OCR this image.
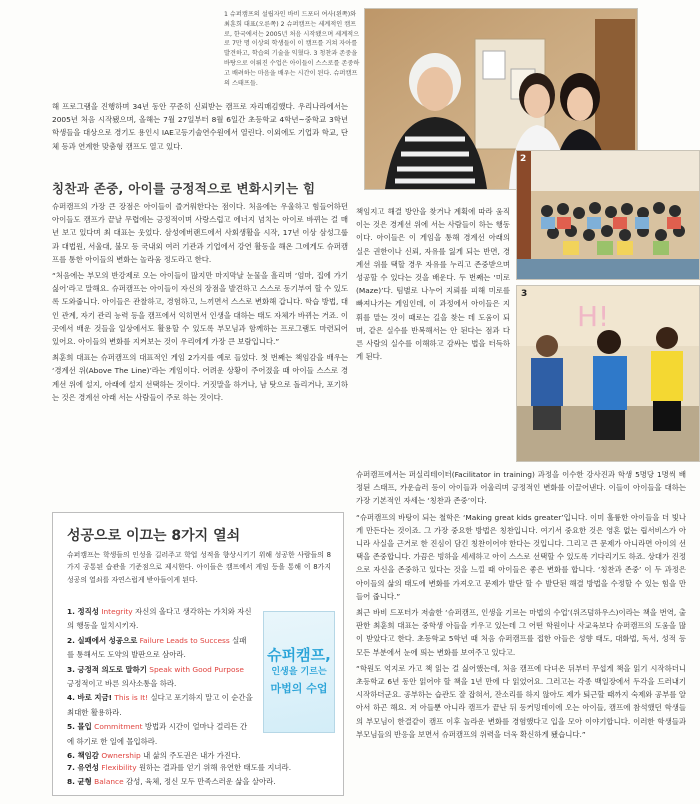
1 슈퍼캠프의 설립자인 바비 드포터 여사(왼쪽)와 최훈희 대표(오른쪽) 2 슈퍼캠프는 세계적인 캠프로, 한국에서는 2005년 처음 시작됐으며 세계적으로 7만 명 이상의 학생들이 이 캠프를 거쳐 자아를 발견하고, 학습의 기술을 익혔다. 3 청찬과 존중을 바탕으로 이뤄진 수업은 아이들이 스스로를 존중하고 배려하는 마음을 배우는 시간이 된다. 슈퍼캠프의 스태프들.

해 프로그램을 진행하며 34년 동안 꾸준히 신뢰받는 캠프로 자리매김했다. 우리나라에서는 2005년 처음 시작됐으며, 올해는 7월 27일부터 8월 6일간 초등학교 4학년~중학교 3학년 학생들을 대상으로 경기도 용인시 IAE고등기술연수원에서 열린다. 이외에도 기업과 학교, 단체 등과 연계한 맞춤형 캠프도 열고 있다.

칭찬과 존중, 아이를 긍정적으로 변화시키는 힘

슈퍼캠프의 가장 큰 장점은 아이들이 즐거워한다는 점이다. 처음에는 우울하고 힘들어하던 아이들도 캠프가 끝날 무렵에는 긍정적이며 사랑스럽고 에너지 넘치는 아이로 바뀌는 걸 매년 보고 있다며 최 대표는 웃었다. 삼성에버랜드에서 사회생활을 시작, 17년 이상 삼성그룹과 대법원, 서울대, 불모 등 국내외 여러 기관과 기업에서 강연 활동을 해온 그에게도 슈퍼캠프를 통한 아이들의 변화는 놀라움 정도라고 한다.

“처음에는 부모의 반강제로 오는 아이들이 많지만 마지막날 눈물을 흘리며 ‘엄마, 집에 가기 싫어’라고 말해요. 슈퍼캠프는 아이들이 자신의 장점을 발견하고 스스로 동기부여 할 수 있도록 도와줍니다. 아이들은 관찰하고, 경험하고, 느끼면서 스스로 변화해 갑니다. 학습 방법, 대인 관계, 자기 관리 능력 등을 캠프에서 익히면서 인생을 대하는 태도 자체가 바뀌는 거죠. 이곳에서 배운 것들을 일상에서도 활용할 수 있도록 부모님과 함께하는 프로그램도 마련되어 있어요. 아이들의 변화를 지켜보는 것이 우리에게 가장 큰 보람입니다.”

최훈희 대표는 슈퍼캠프의 대표적인 게임 2가지를 예로 들었다. 첫 번째는 책임감을 배우는 ‘경계선 위(Above The Line)’라는 게임이다. 어려운 상황이 주어졌을 때 아이들 스스로 경계선 위에 설지, 아래에 설지 선택하는 것이다. 거짓말을 하거나, 남 탓으로 돌리거나, 포기하는 것은 경계선 아래 서는 사람들이 주로 하는 것이다.

2
H!
3

책임지고 해결 방안을 찾거나 계획에 따라 움직이는 것은 경계선 위에 서는 사람들이 하는 행동이다. 아이들은 이 게임을 통해 경계선 아래의 실은 권한이나 신뢰, 자유를 잃게 되는 반면, 경계선 위를 택할 경우 자유를 누리고 존중받으며 성공할 수 있다는 것을 배운다. 두 번째는 ‘미로(Maze)’다. 팀별로 나누어 지뢰를 피해 미로를 빠져나가는 게임인데, 이 과정에서 아이들은 지휘를 맡는 것이 때로는 길을 찾는 데 도움이 되며, 같은 실수를 반복해서는 안 된다는 점과 다른 사람의 실수를 이해하고 감싸는 법을 터득하게 된다.

슈퍼캠프에서는 퍼실리테이터(Facilitator in training) 과정을 이수한 강사진과 학생 5명당 1명씩 배정된 스태프, 카운슬러 등이 아이들과 어울리며 긍정적인 변화를 이끌어낸다. 이들이 아이들을 대하는 가장 기본적인 자세는 ‘칭찬과 존중’이다.

“슈퍼캠프의 바탕이 되는 철학은 ‘Making great kids greater’입니다. 이미 훌륭한 아이들을 더 빛나게 만든다는 것이죠. 그 가장 중요한 방법은 칭찬입니다. 여기서 중요한 것은 영혼 없는 립서비스가 아니라 사실을 근거로 한 진심이 담긴 칭찬이어야 한다는 것입니다. 그리고 큰 문제가 아니라면 아이의 선택을 존중합니다. 가끔은 빙하을 세세하고 아이 스스로 선택할 수 있도록 기다리기도 하죠. 상대가 진정으로 자신을 존중하고 있다는 것을 느낄 때 아이들은 좋은 변화를 합니다. ‘칭찬과 존중’ 이 두 과정은 아이들의 삶의 태도에 변화를 가져오고 문제가 발단 할 수 발단된 해결 방법을 수정할 수 있는 힘을 만들어 줍니다.”

최근 바비 드포터가 저술한 ‘슈퍼캠프, 인생을 기르는 마법의 수업’(위즈덤하우스)이라는 책을 번역, 출판한 최훈희 대표는 중학생 아들을 키우고 있는데 그 어떤 학원이나 사교육보다 슈퍼캠프의 도움을 많이 받았다고 한다. 초등학교 5학년 때 처음 슈퍼캠프를 접한 아들은 성향 태도, 대화법, 독서, 성적 등 모든 부분에서 눈에 띄는 변화를 보여주고 있다고.

“학원도 억지로 가고 책 읽는 걸 싫어했는데, 처음 캠프에 다녀온 뒤부터 무섭게 책을 읽기 시작하더니 초등학교 6년 동안 읽어야 할 책을 1년 만에 다 읽었어요. 그러고는 각종 백일장에서 두각을 드러내기 시작하더군요. 공부하는 습관도 잘 잡혀서, 잔소리를 하지 않아도 제가 퇴근할 때까지 숙제와 공부를 알아서 하곤 해요. 저 아들뿐 아니라 캠프가 끝난 뒤 동커밍데이에 오는 아이들, 캠프에 참석했던 학생들의 부모님이 한결같이 캠프 이후 놀라운 변화를 경험했다고 입을 모아 이야기합니다. 이러한 학생들과 부모님들의 반응을 보면서 슈퍼캠프의 위력을 더욱 확신하게 됐습니다.”

성공으로 이끄는 8가지 열쇠

슈퍼캠프는 학생들의 인성을 길러주고 학업 성적을 향상시키기 위해 성공한 사람들의 8가지 공통된 습관을 기준점으로 제시한다. 아이들은 캠프에서 게임 등을 통해 이 8가지 성공의 열쇠를 자연스럽게 받아들이게 된다.

1. 정직성 Integrity 자신의 올다고 생각하는 가치와 자신의 행동을 일치시키자.
2. 실패에서 성공으로 Failure Leads to Success 실패를 통해서도 도약의 발판으로 삼아라.
3. 긍정적 의도로 말하기 Speak with Good Purpose 긍정적이고 바른 의사소통을 하라.
4. 바로 지금! This is It! 실다고 포기하지 말고 이 순간을 최대한 활용하라.
5. 몰입 Commitment 방법과 시간이 얼마나 걸리든 간에 하기로 한 일에 몰입하라.
6. 책임감 Ownership 내 삶의 주도권은 내가 가진다.
7. 유연성 Flexibility 원하는 결과를 얻기 위해 유연한 태도를 지녀라.
8. 균형 Balance 감성, 육체, 정신 모두 만족스러운 삶을 살아라.
슈퍼캠프,
인생을 기르는
마법의 수업
